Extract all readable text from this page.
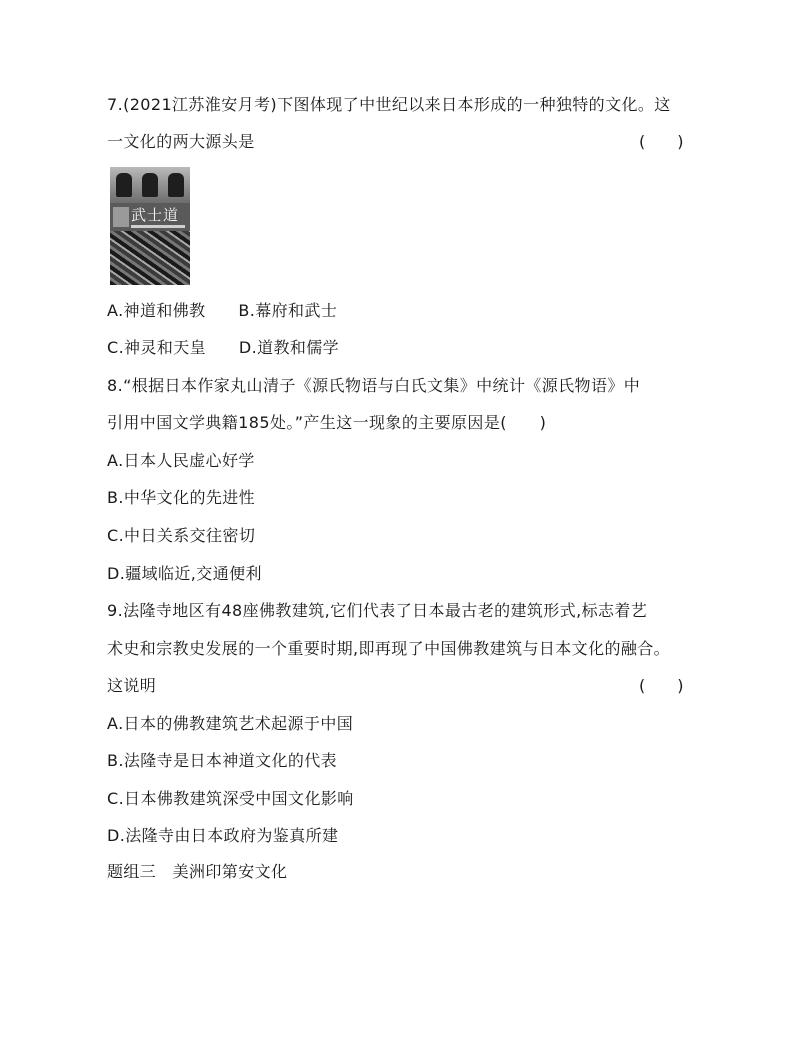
7.(2021江苏淮安月考)下图体现了中世纪以来日本形成的一种独特的文化。这
一文化的两大源头是	(　　)
武士道
A.神道和佛教　　B.幕府和武士
C.神灵和天皇　　D.道教和儒学
8.“根据日本作家丸山清子《源氏物语与白氏文集》中统计《源氏物语》中
引用中国文学典籍185处。”产生这一现象的主要原因是(　　)
A.日本人民虚心好学
B.中华文化的先进性
C.中日关系交往密切
D.疆域临近,交通便利
9.法隆寺地区有48座佛教建筑,它们代表了日本最古老的建筑形式,标志着艺
术史和宗教史发展的一个重要时期,即再现了中国佛教建筑与日本文化的融合。
这说明	(　　)
A.日本的佛教建筑艺术起源于中国
B.法隆寺是日本神道文化的代表
C.日本佛教建筑深受中国文化影响
D.法隆寺由日本政府为鉴真所建
题组三　美洲印第安文化
